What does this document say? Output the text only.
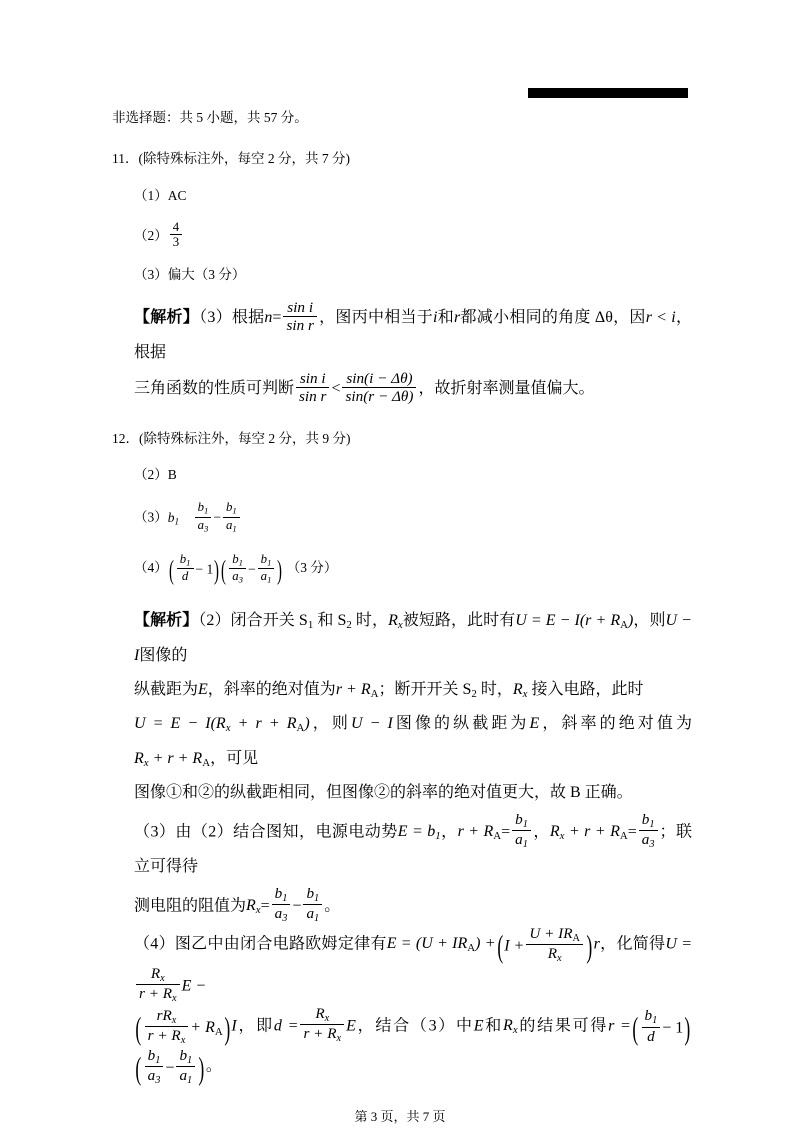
非选择题：共 5 小题，共 57 分。
11．(除特殊标注外，每空 2 分，共 7 分)
（1）AC
$(2) \frac{4}{3}$
（3）偏大（3 分）
【解析】（3）根据$n= \frac{\text{sin i}}{\text{sin r}}$ ，图丙中相当于i和r都减小相同的角度 Δθ，因r < i，根据
三角函数的性质可判断 $\frac{\text{sin i}}{\text{sin r}} < \frac{\sin(i - \Delta\theta)}{\sin(r - \Delta\theta)}$ ，故折射率测量值偏大。
12．(除特殊标注外，每空 2 分，共 9 分)
（2）B
$(3)b_1 \frac{b_1}{a_3} - \frac{b_1}{a_1}$
$(4)( \frac{b_1}{d} - 1)( \frac{b_1}{a_3} - \frac{b_1}{a_1}$ ) （3 分）
【解析】（2）闭合开关 $S_1$ 和 $S_2$ 时，$R_x$被短路，此时有$U = E - I(r + R_A)$，则U − I图像的
纵截距为E，斜率的绝对值为$r + R_A$；断开开关 $S_2$ 时，$R_x$ 接入电路，此时
$U = E - I(R_x + r + R_A)$，则U − I图像的纵截距为E，斜率的绝对值为$R_x + r + R_A$，可见
图像①和②的纵截距相同，但图像②的斜率的绝对值更大，故 B 正确。
（3）由（2）结合图知，电源电动势$E = b_1$，$r + R_A= \frac{b_1}{a_1}$ ，$R_x + r + R_A= \frac{b_1}{a_3}$ ；联立可得待
测电阻的阻值为$R_x= \frac{b_1}{a_3} - \frac{b_1}{a_1}$ 。
（4）图乙中由闭合电路欧姆定律有$E = (U + IR_A) +(I + \frac{U + IR_A}{R_x} )r$，化简得U =
$\frac{R_x}{r + R_x}$ E −
( $\frac{rR_x}{r + R_x} + R_A)I$，即$d = \frac{R_x}{r + R_x}$ E，结合（3）中E和$R_x$的结果可得r =( $\frac{b_1}{d} - 1)( \frac{b_1}{a_3} - \frac{b_1}{a_1}$ )。
第 3 页，共 7 页
